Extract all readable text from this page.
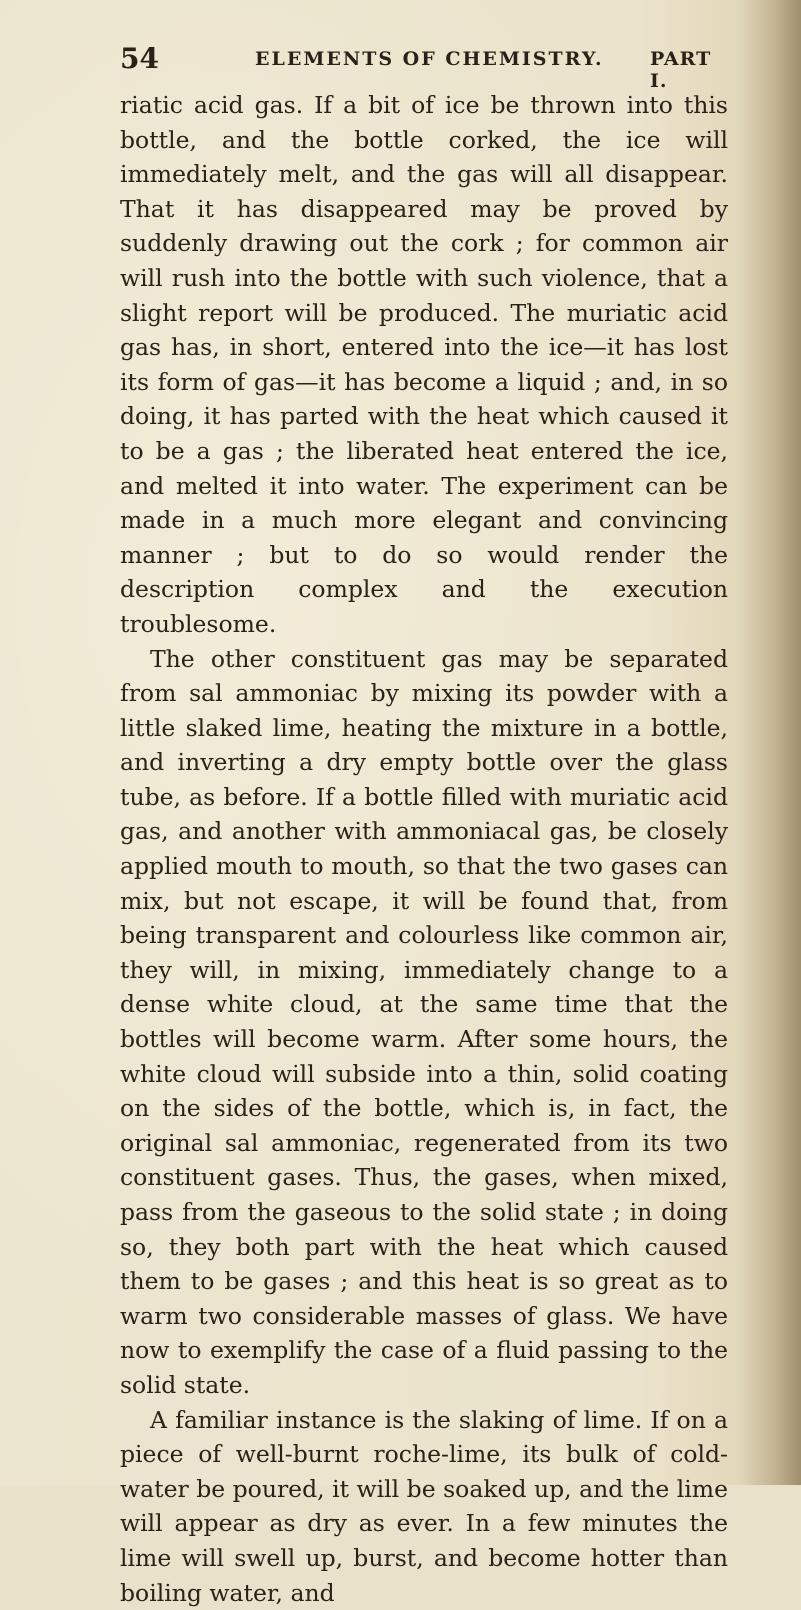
54	ELEMENTS OF CHEMISTRY. PART I.

riatic acid gas. If a bit of ice be thrown into this bottle, and the bottle corked, the ice will immediately melt, and the gas will all disappear. That it has disappeared may be proved by suddenly drawing out the cork ; for common air will rush into the bottle with such violence, that a slight report will be produced. The muriatic acid gas has, in short, entered into the ice—it has lost its form of gas—it has become a liquid ; and, in so doing, it has parted with the heat which caused it to be a gas ; the liberated heat entered the ice, and melted it into water. The experiment can be made in a much more elegant and convincing manner ; but to do so would render the description complex and the execution troublesome.

The other constituent gas may be separated from sal ammoniac by mixing its powder with a little slaked lime, heating the mixture in a bottle, and inverting a dry empty bottle over the glass tube, as before. If a bottle filled with muriatic acid gas, and another with ammoniacal gas, be closely applied mouth to mouth, so that the two gases can mix, but not escape, it will be found that, from being transparent and colourless like common air, they will, in mixing, immediately change to a dense white cloud, at the same time that the bottles will become warm. After some hours, the white cloud will subside into a thin, solid coating on the sides of the bottle, which is, in fact, the original sal ammoniac, regenerated from its two constituent gases. Thus, the gases, when mixed, pass from the gaseous to the solid state ; in doing so, they both part with the heat which caused them to be gases ; and this heat is so great as to warm two considerable masses of glass. We have now to exemplify the case of a fluid passing to the solid state.

A familiar instance is the slaking of lime. If on a piece of well-burnt roche-lime, its bulk of cold-water be poured, it will be soaked up, and the lime will appear as dry as ever. In a few minutes the lime will swell up, burst, and become hotter than boiling water, and
